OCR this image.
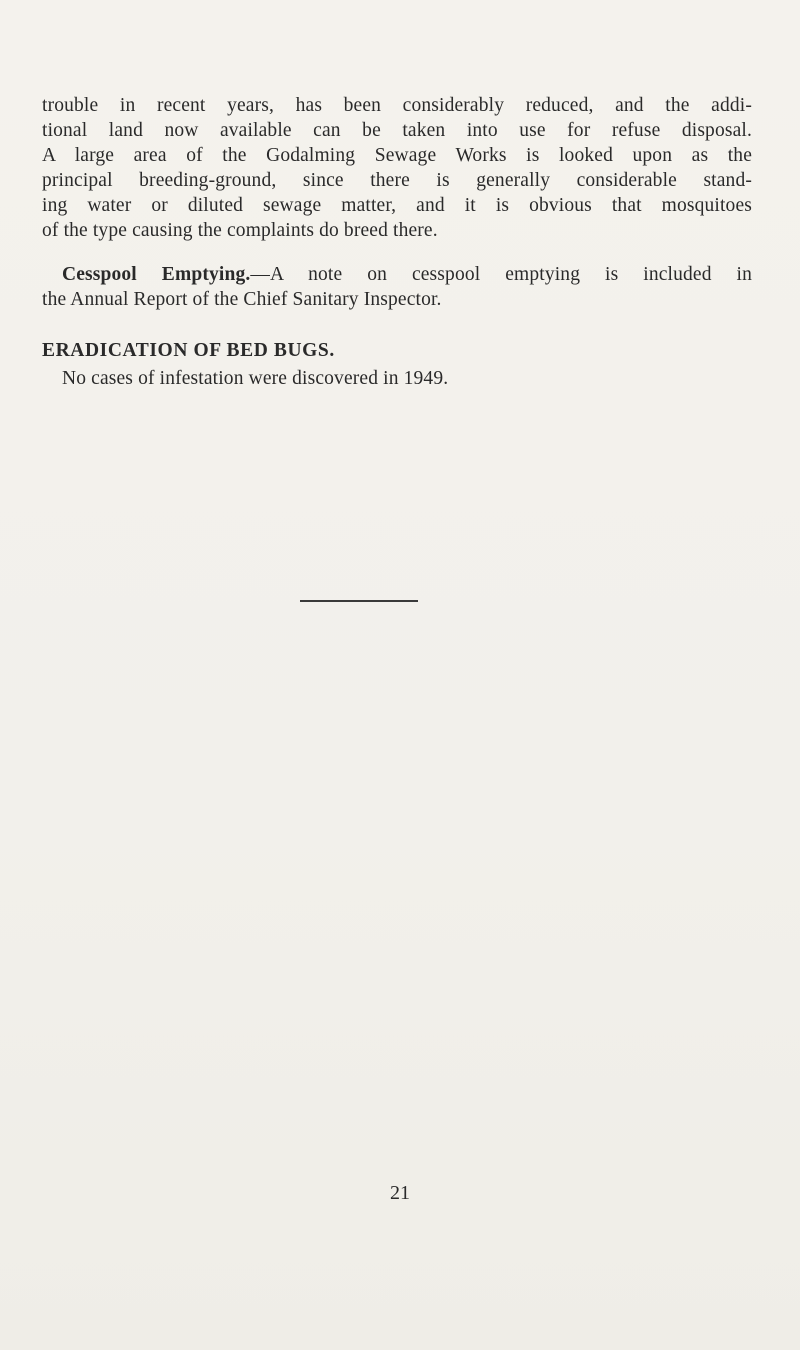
trouble in recent years, has been considerably reduced, and the addi-
tional land now available can be taken into use for refuse disposal.
A large area of the Godalming Sewage Works is looked upon as the
principal breeding-ground, since there is generally considerable stand-
ing water or diluted sewage matter, and it is obvious that mosquitoes
of the type causing the complaints do breed there.
Cesspool Emptying.—A note on cesspool emptying is included in
the Annual Report of the Chief Sanitary Inspector.
ERADICATION OF BED BUGS.
No cases of infestation were discovered in 1949.
21
